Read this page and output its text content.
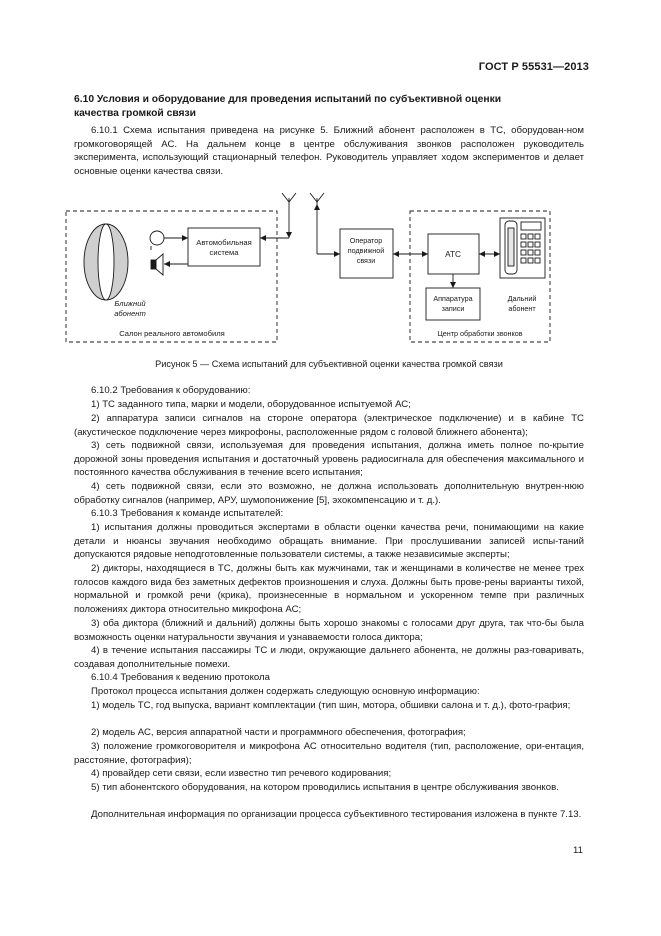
ГОСТ Р 55531—2013
6.10 Условия и оборудование для проведения испытаний по субъективной оценки
качества громкой связи

6.10.1 Схема испытания приведена на рисунке 5. Ближний абонент расположен в ТС, оборудован-ном громкоговорящей АС. На дальнем конце в центре обслуживания звонков расположен руководитель эксперимента, использующий стационарный телефон. Руководитель управляет ходом экспериментов и делает основные оценки качества связи.

Автомобильная
система
Ближний
абонент
Салон реального автомобиля
Оператор
подвижной
связи
АТС
Аппаратура
записи
Дальний
абонент
Центр обработки звонков
Рисунок 5 — Схема испытаний для субъективной оценки качества громкой связи

6.10.2 Требования к оборудованию:

1) ТС заданного типа, марки и модели, оборудованное испытуемой АС;

2) аппаратура записи сигналов на стороне оператора (электрическое подключение) и в кабине ТС (акустическое подключение через микрофоны, расположенные рядом с головой ближнего абонента);

3) сеть подвижной связи, используемая для проведения испытания, должна иметь полное по-крытие дорожной зоны проведения испытания и достаточный уровень радиосигнала для обеспечения максимального и постоянного качества обслуживания в течение всего испытания;

4) сеть подвижной связи, если это возможно, не должна использовать дополнительную внутрен-нюю обработку сигналов (например, АРУ, шумопонижение [5], эхокомпенсацию и т. д.).

6.10.3 Требования к команде испытателей:

1) испытания должны проводиться экспертами в области оценки качества речи, понимающими на какие детали и нюансы звучания необходимо обращать внимание. При прослушивании записей испы-таний допускаются рядовые неподготовленные пользователи системы, а также независимые эксперты;

2) дикторы, находящиеся в ТС, должны быть как мужчинами, так и женщинами в количестве не менее трех голосов каждого вида без заметных дефектов произношения и слуха. Должны быть прове-рены варианты тихой, нормальной и громкой речи (крика), произнесенные в нормальном и ускоренном темпе при различных положениях диктора относительно микрофона АС;

3) оба диктора (ближний и дальний) должны быть хорошо знакомы с голосами друг друга, так что-бы была возможность оценки натуральности звучания и узнаваемости голоса диктора;

4) в течение испытания пассажиры ТС и люди, окружающие дальнего абонента, не должны раз-говаривать, создавая дополнительные помехи.

6.10.4 Требования к ведению протокола

Протокол процесса испытания должен содержать следующую основную информацию:

1) модель ТС, год выпуска, вариант комплектации (тип шин, мотора, обшивки салона и т. д.), фото-графия;

2) модель АС, версия аппаратной части и программного обеспечения, фотография;

3) положение громкоговорителя и микрофона АС относительно водителя (тип, расположение, ори-ентация, расстояние, фотография);

4) провайдер сети связи, если известно тип речевого кодирования;

5) тип абонентского оборудования, на котором проводились испытания в центре обслуживания звонков.

Дополнительная информация по организации процесса субъективного тестирования изложена в пункте 7.13.

11
